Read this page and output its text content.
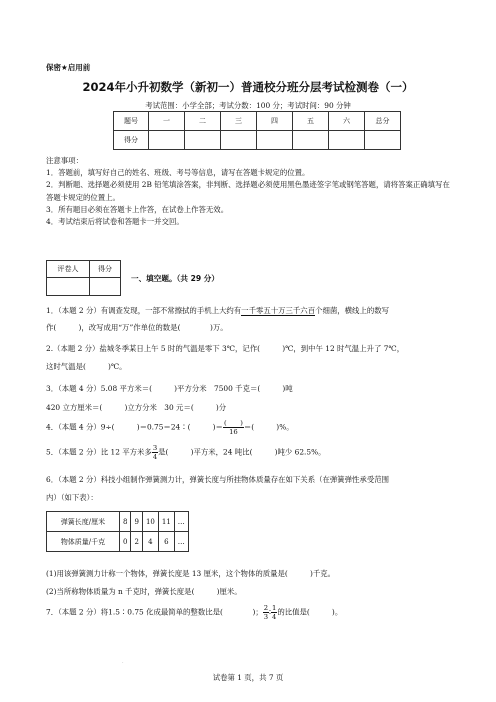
保密★启用前
2024年小升初数学（新初一）普通校分班分层考试检测卷（一）
考试范围：小学全部；考试分数：100 分；考试时间：90 分钟
题号	一	二	三	四	五	六	总分
得分							
注意事项：
1．答题前，填写好自己的姓名、班级、考号等信息，请写在答题卡规定的位置。
2．判断题、选择题必须使用 2B 铅笔填涂答案，非判断、选择题必须使用黑色墨迹签字笔或钢笔答题，请将答案正确填写在答题卡规定的位置上。
3．所有题目必须在答题卡上作答，在试卷上作答无效。
4．考试结束后将试卷和答题卡一并交回。
评卷人	得分

一、填空题。（共 29 分）
1．（本题 2 分）有调查发现，一部不常擦拭的手机上大约有一千零五十万三千六百个细菌，横线上的数写
作(　　　)，改写成用“万”作单位的数是(　　　　)万。
2.（本题 2 分）盐城冬季某日上午 5 时的气温是零下 3℃，记作(　　　)℃，到中午 12 时气温上升了 7℃，
这时气温是(　　　)℃。
3．（本题 4 分）5.08 平方米＝(　　　)平方分米　7500 千克＝(　　　)吨
420 立方厘米＝(　　　)立方分米　30 元＝(　　　)分
4．（本题 4 分）9÷(　　　)＝0.75＝24∶(　　　)＝ $\frac{( )}{16}$ ＝(　　　)%。
5．（本题 2 分）比 12 平方米多 $\frac{3}{4}$ 是(　　　)平方米，24 吨比(　　　)吨少 62.5%。
6．（本题 2 分）科技小组制作弹簧测力计，弹簧长度与所挂物体质量存在如下关系（在弹簧弹性承受范围
内）（如下表）：
弹簧长度/厘米	8	9	10	11	…
物体质量/千克	0	2	4	6	…
(1)用该弹簧测力计称一个物体，弹簧长度是 13 厘米，这个物体的质量是(　　　)千克。
(2)当所称物体质量为 n 千克时，弹簧长度是(　　　)厘米。
7．（本题 2 分）将1.5∶0.75 化成最简单的整数比是(　　　　)； $\frac{2}{3}$ ∶ $\frac{1}{4}$ 的比值是(　　　)。
·
试卷第 1 页，共 7 页
